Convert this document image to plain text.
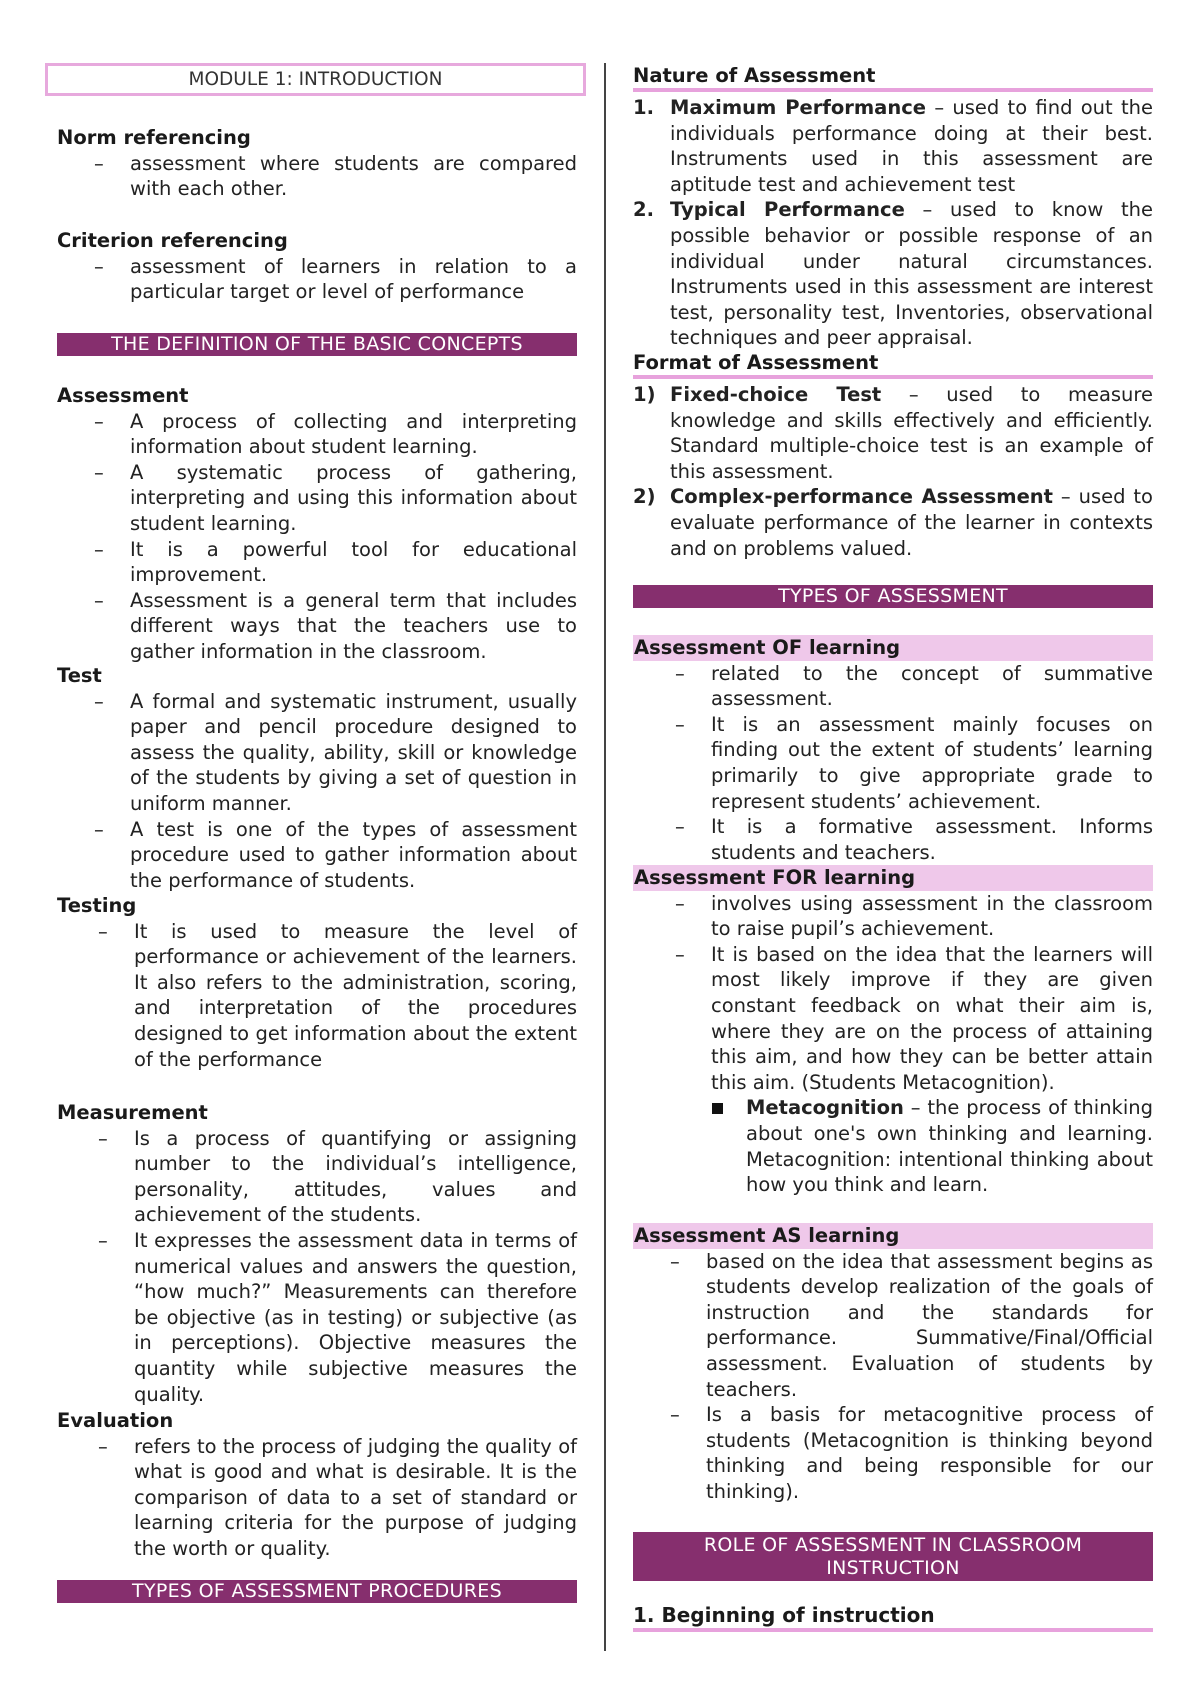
MODULE 1: INTRODUCTION
Norm referencing
– assessment where students are compared with each other.
Criterion referencing
– assessment of learners in relation to a particular target or level of performance
THE DEFINITION OF THE BASIC CONCEPTS
Assessment
– A process of collecting and interpreting information about student learning.
– A systematic process of gathering, interpreting and using this information about student learning.
– It is a powerful tool for educational improvement.
– Assessment is a general term that includes different ways that the teachers use to gather information in the classroom.
Test
– A formal and systematic instrument, usually paper and pencil procedure designed to assess the quality, ability, skill or knowledge of the students by giving a set of question in uniform manner.
– A test is one of the types of assessment procedure used to gather information about the performance of students.
Testing
– It is used to measure the level of performance or achievement of the learners. It also refers to the administration, scoring, and interpretation of the procedures designed to get information about the extent of the performance
Measurement
– Is a process of quantifying or assigning number to the individual’s intelligence, personality, attitudes, values and achievement of the students.
– It expresses the assessment data in terms of numerical values and answers the question, “how much?” Measurements can therefore be objective (as in testing) or subjective (as in perceptions). Objective measures the quantity while subjective measures the quality.
Evaluation
– refers to the process of judging the quality of what is good and what is desirable. It is the comparison of data to a set of standard or learning criteria for the purpose of judging the worth or quality.
TYPES OF ASSESSMENT PROCEDURES
Nature of Assessment
1. Maximum Performance – used to find out the individuals performance doing at their best. Instruments used in this assessment are aptitude test and achievement test
2. Typical Performance – used to know the possible behavior or possible response of an individual under natural circumstances. Instruments used in this assessment are interest test, personality test, Inventories, observational techniques and peer appraisal.
Format of Assessment
1) Fixed-choice Test – used to measure knowledge and skills effectively and efficiently. Standard multiple-choice test is an example of this assessment.
2) Complex-performance Assessment – used to evaluate performance of the learner in contexts and on problems valued.
TYPES OF ASSESSMENT
Assessment OF learning
– related to the concept of summative assessment.
– It is an assessment mainly focuses on finding out the extent of students’ learning primarily to give appropriate grade to represent students’ achievement.
– It is a formative assessment. Informs students and teachers.
Assessment FOR learning
– involves using assessment in the classroom to raise pupil’s achievement.
– It is based on the idea that the learners will most likely improve if they are given constant feedback on what their aim is, where they are on the process of attaining this aim, and how they can be better attain this aim. (Students Metacognition).
Metacognition – the process of thinking about one's own thinking and learning. Metacognition: intentional thinking about how you think and learn.
Assessment AS learning
– based on the idea that assessment begins as students develop realization of the goals of instruction and the standards for performance. Summative/Final/Official assessment. Evaluation of students by teachers.
– Is a basis for metacognitive process of students (Metacognition is thinking beyond thinking and being responsible for our thinking).
ROLE OF ASSESSMENT IN CLASSROOM
INSTRUCTION
1. Beginning of instruction
